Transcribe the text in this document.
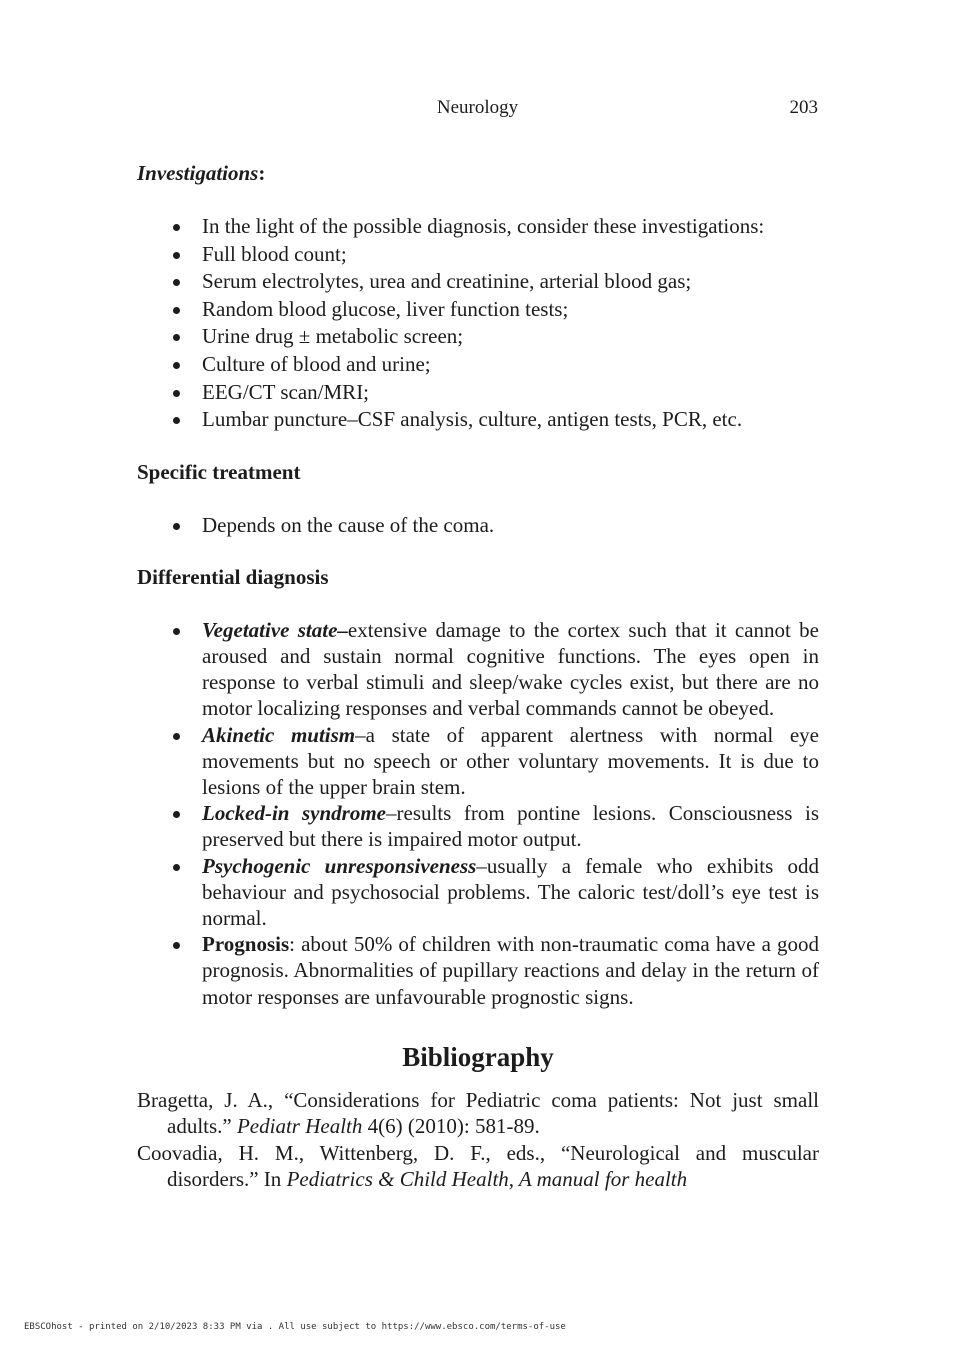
Neurology	203

Investigations:

In the light of the possible diagnosis, consider these investigations:
Full blood count;
Serum electrolytes, urea and creatinine, arterial blood gas;
Random blood glucose, liver function tests;
Urine drug ± metabolic screen;
Culture of blood and urine;
EEG/CT scan/MRI;
Lumbar puncture–CSF analysis, culture, antigen tests, PCR, etc.

Specific treatment

Depends on the cause of the coma.

Differential diagnosis

Vegetative state–extensive damage to the cortex such that it cannot be aroused and sustain normal cognitive functions. The eyes open in response to verbal stimuli and sleep/wake cycles exist, but there are no motor localizing responses and verbal commands cannot be obeyed.
Akinetic mutism–a state of apparent alertness with normal eye movements but no speech or other voluntary movements. It is due to lesions of the upper brain stem.
Locked-in syndrome–results from pontine lesions. Consciousness is preserved but there is impaired motor output.
Psychogenic unresponsiveness–usually a female who exhibits odd behaviour and psychosocial problems. The caloric test/doll’s eye test is normal.
Prognosis: about 50% of children with non-traumatic coma have a good prognosis. Abnormalities of pupillary reactions and delay in the return of motor responses are unfavourable prognostic signs.

Bibliography

Bragetta, J. A., “Considerations for Pediatric coma patients: Not just small adults.” Pediatr Health 4(6) (2010): 581-89.
Coovadia, H. M., Wittenberg, D. F., eds., “Neurological and muscular disorders.” In Pediatrics & Child Health, A manual for health
EBSCOhost - printed on 2/10/2023 8:33 PM via . All use subject to https://www.ebsco.com/terms-of-use
